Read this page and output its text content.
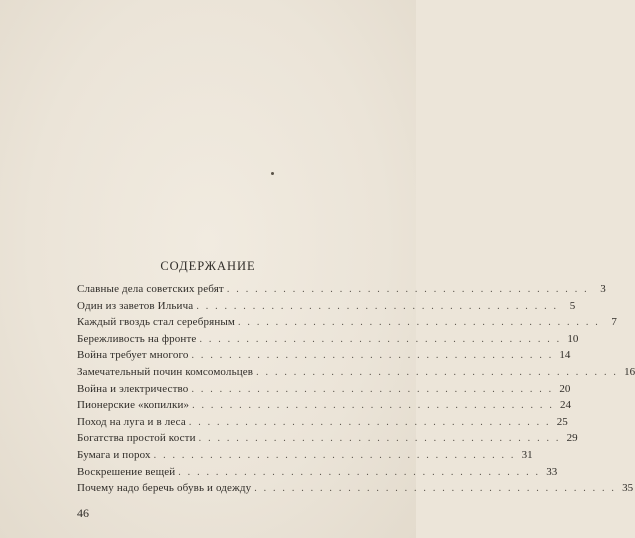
СОДЕРЖАНИЕ
Славные дела советских ребят . . . . . . . . . . . . . . . . . . . . . . . . . . . . . . . . . . . . . . .	3
Один из заветов Ильича . . . . . . . . . . . . . . . . . . . . . . . . . . . . . . . . . . . . . . .	5
Каждый гвоздь стал серебряным . . . . . . . . . . . . . . . . . . . . . . . . . . . . . . . . . . . . . . .	7
Бережливость на фронте . . . . . . . . . . . . . . . . . . . . . . . . . . . . . . . . . . . . . . . 10
Война требует многого . . . . . . . . . . . . . . . . . . . . . . . . . . . . . . . . . . . . . . . 14
Замечательный почин комсомольцев . . . . . . . . . . . . . . . . . . . . . . . . . . . . . . . . . . . . . . . 16
Война и электричество . . . . . . . . . . . . . . . . . . . . . . . . . . . . . . . . . . . . . . . 20
Пионерские «копилки» . . . . . . . . . . . . . . . . . . . . . . . . . . . . . . . . . . . . . . . 24
Поход на луга и в леса . . . . . . . . . . . . . . . . . . . . . . . . . . . . . . . . . . . . . . . 25
Богатства простой кости . . . . . . . . . . . . . . . . . . . . . . . . . . . . . . . . . . . . . . . 29
Бумага и порох . . . . . . . . . . . . . . . . . . . . . . . . . . . . . . . . . . . . . . . 31
Воскрешение вещей . . . . . . . . . . . . . . . . . . . . . . . . . . . . . . . . . . . . . . . 33
Почему надо беречь обувь и одежду . . . . . . . . . . . . . . . . . . . . . . . . . . . . . . . . . . . . . . . 35
46
